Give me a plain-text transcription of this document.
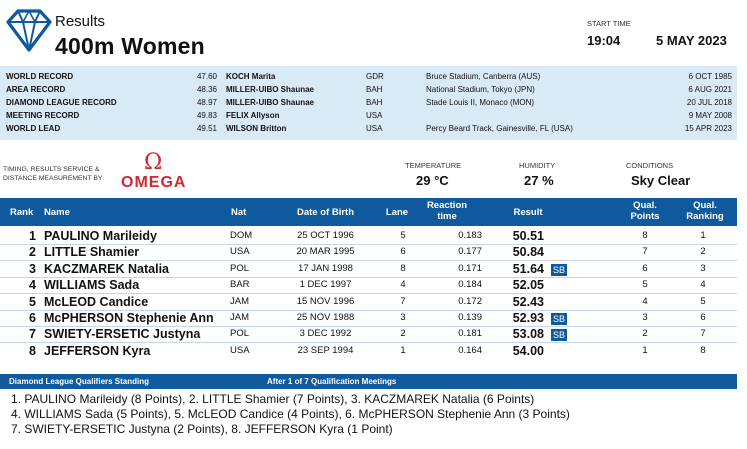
Results
400m Women
START TIME
19:04	5 MAY 2023
WORLD RECORD	47.60 KOCH Marita	GDR	Bruce Stadium, Canberra (AUS)	6 OCT 1985
AREA RECORD	48.36 MILLER-UIBO Shaunae	BAH	National Stadium, Tokyo (JPN)	6 AUG 2021
DIAMOND LEAGUE RECORD	48.97 MILLER-UIBO Shaunae	BAH	Stade Louis II, Monaco (MON)	20 JUL 2018
MEETING RECORD	49.83 FELIX Allyson	USA	9 MAY 2008
WORLD LEAD	49.51 WILSON Britton	USA	Percy Beard Track, Gainesville, FL (USA)	15 APR 2023
TIMING, RESULTS SERVICE &
DISTANCE MEASUREMENT BY
Ω
OMEGA
TEMPERATURE
29 °C
HUMIDITY
27 %
CONDITIONS
Sky Clear
Rank Name	Nat	Date of Birth	Lane
Reaction
time	Result
Qual.
Points
Qual.
Ranking
1 PAULINO Marileidy	DOM	25 OCT 1996	5	0.183	50.51	8	1
2 LITTLE Shamier	USA	20 MAR 1995	6	0.177	50.84	7	2
3 KACZMAREK Natalia	POL	17 JAN 1998	8	0.171	51.64	6	3
SB
4 WILLIAMS Sada	BAR	1 DEC 1997	4	0.184	52.05	5	4
5 McLEOD Candice	JAM	15 NOV 1996	7	0.172	52.43	4	5
6 McPHERSON Stephenie Ann JAM	25 NOV 1988	3	0.139	52.93	3	6
SB
7 SWIETY-ERSETIC Justyna	POL	3 DEC 1992	2	0.181	53.08	2	7
SB
8 JEFFERSON Kyra	USA	23 SEP 1994	1	0.164	54.00	1	8
Diamond League Qualifiers Standing	After 1 of 7 Qualification Meetings
1. PAULINO Marileidy (8 Points), 2. LITTLE Shamier (7 Points), 3. KACZMAREK Natalia (6 Points)
4. WILLIAMS Sada (5 Points), 5. McLEOD Candice (4 Points), 6. McPHERSON Stephenie Ann (3 Points)
7. SWIETY-ERSETIC Justyna (2 Points), 8. JEFFERSON Kyra (1 Point)
